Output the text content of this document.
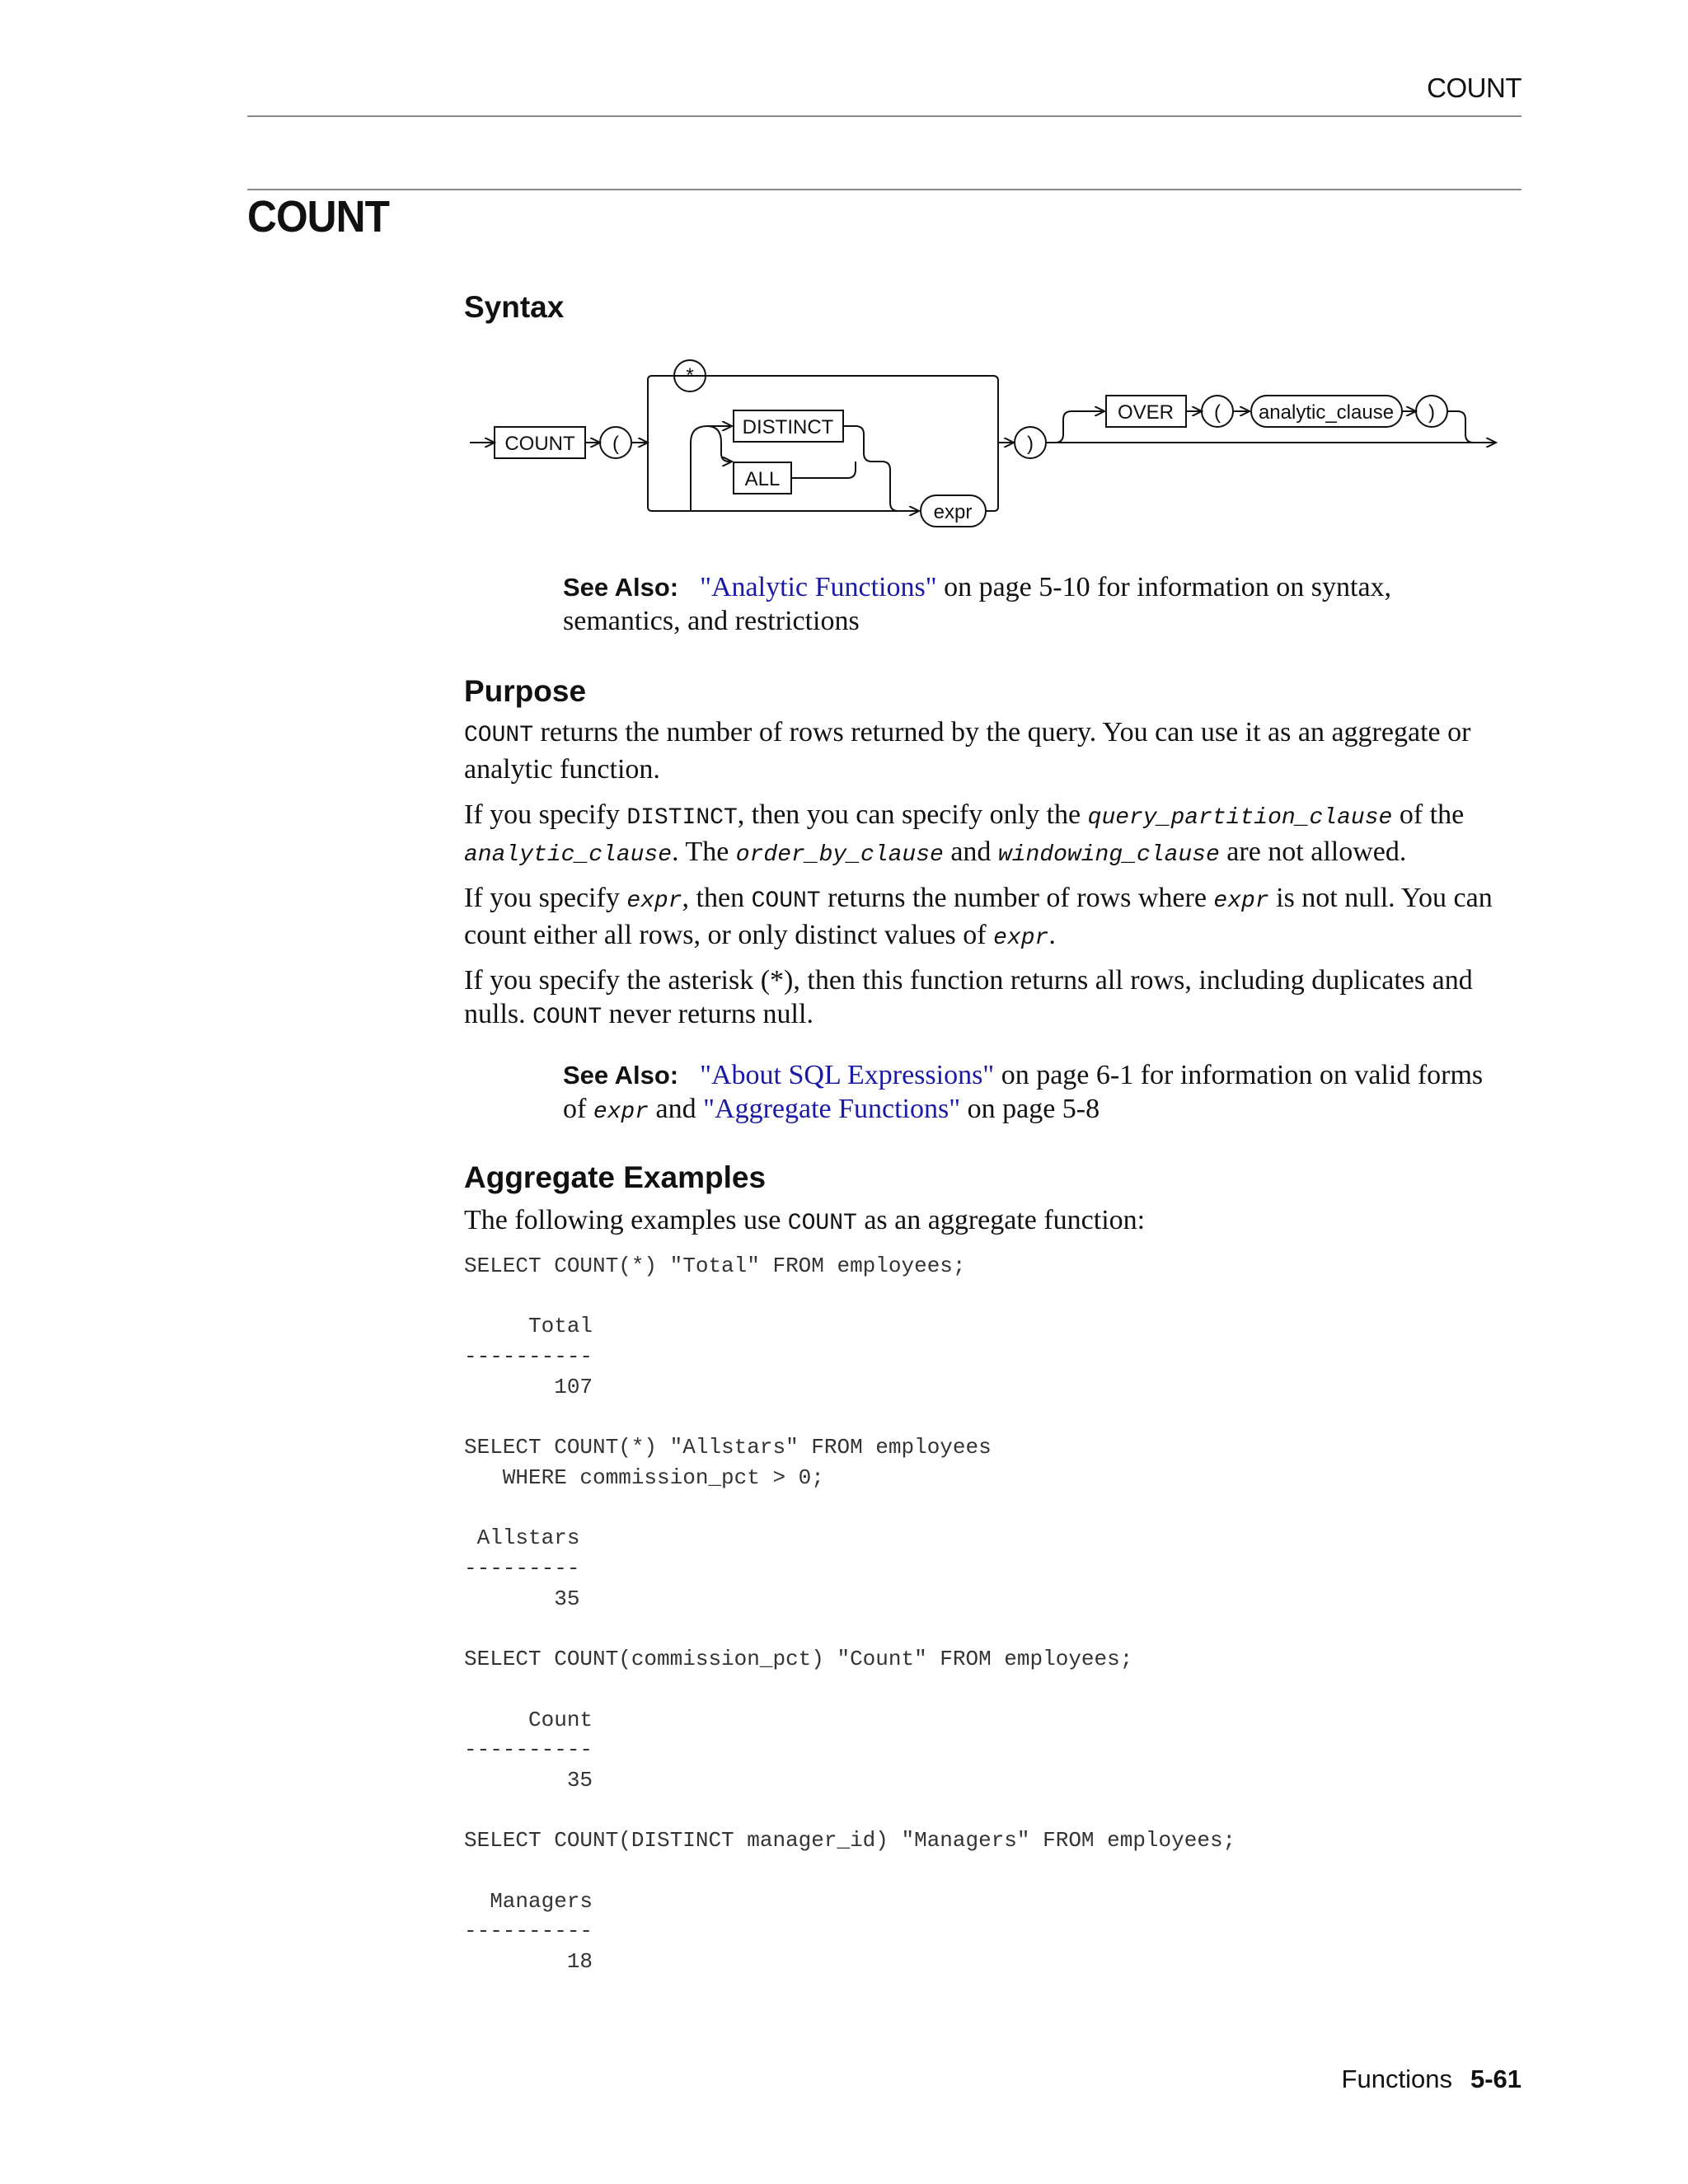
COUNT
COUNT
Syntax
COUNT (
*
DISTINCT
ALL
expr
)
OVER ( analytic_clause )
See Also: "Analytic Functions" on page 5-10 for information on syntax, semantics, and restrictions
Purpose
COUNT returns the number of rows returned by the query. You can use it as an aggregate or analytic function.
If you specify DISTINCT, then you can specify only the query_partition_clause of the analytic_clause. The order_by_clause and windowing_clause are not allowed.
If you specify expr, then COUNT returns the number of rows where expr is not null. You can count either all rows, or only distinct values of expr.
If you specify the asterisk (*), then this function returns all rows, including duplicates and nulls. COUNT never returns null.
See Also: "About SQL Expressions" on page 6-1 for information on valid forms of expr and "Aggregate Functions" on page 5-8
Aggregate Examples
The following examples use COUNT as an aggregate function:
SELECT COUNT(*) "Total" FROM employees;

Total
----------
107

SELECT COUNT(*) "Allstars" FROM employees
WHERE commission_pct > 0;

Allstars
---------
35

SELECT COUNT(commission_pct) "Count" FROM employees;

Count
----------
35

SELECT COUNT(DISTINCT manager_id) "Managers" FROM employees;

Managers
----------
18
Functions 5-61
